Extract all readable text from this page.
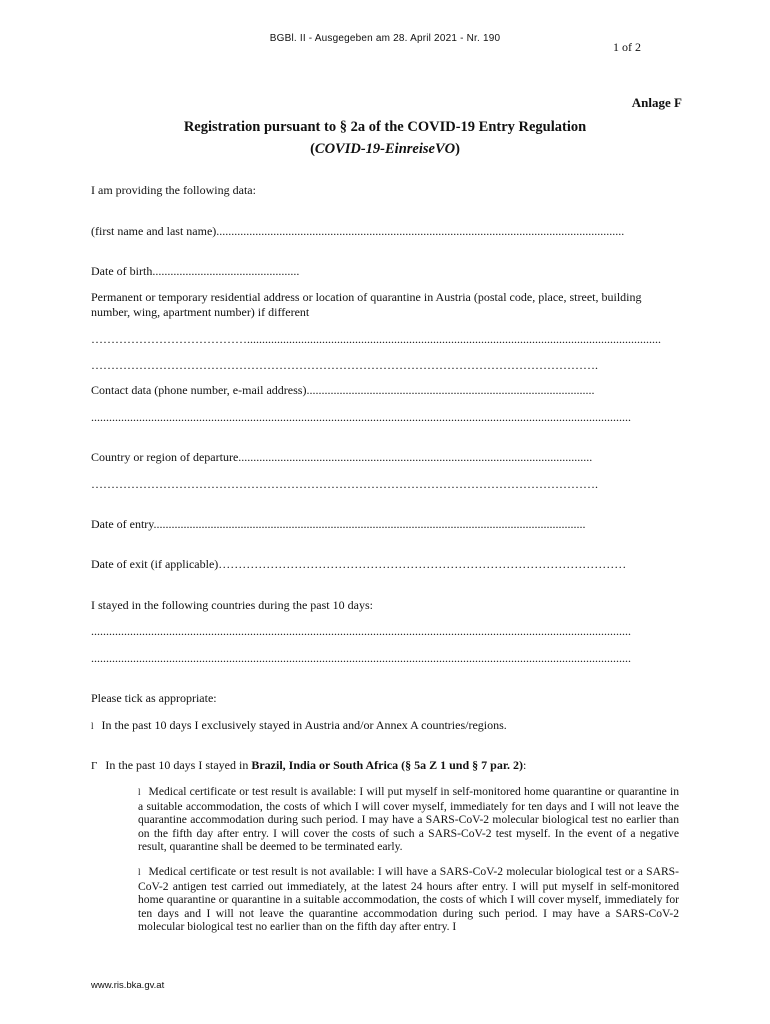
BGBl. II - Ausgegeben am 28. April 2021 - Nr. 190
1 of 2
Anlage F
Registration pursuant to § 2a of the COVID-19 Entry Regulation
(COVID-19-EinreiseVO)
I am providing the following data:
(first name and last name)........................................................................................................................................
Date of birth.................................................
Permanent or temporary residential address or location of quarantine in Austria (postal code, place, street, building number, wing, apartment number) if different
…………………………………..........................................................................................................................................
……………………………………………………………………………………………………………….
Contact data (phone number, e-mail address)................................................................................................
....................................................................................................................................................................................
Country or region of departure......................................................................................................................
……………………………………………………………………………………………………………….
Date of entry................................................................................................................................................
Date of exit (if applicable)…………………………………………………………………………………………
I stayed in the following countries during the past 10 days:
....................................................................................................................................................................................
....................................................................................................................................................................................
Please tick as appropriate:
l In the past 10 days I exclusively stayed in Austria and/or Annex A countries/regions.
Γ In the past 10 days I stayed in Brazil, India or South Africa (§ 5a Z 1 und § 7 par. 2):
l Medical certificate or test result is available: I will put myself in self-monitored home quarantine or quarantine in a suitable accommodation, the costs of which I will cover myself, immediately for ten days and I will not leave the quarantine accommodation during such period. I may have a SARS-CoV-2 molecular biological test no earlier than on the fifth day after entry. I will cover the costs of such a SARS-CoV-2 test myself. In the event of a negative result, quarantine shall be deemed to be terminated early.
l Medical certificate or test result is not available: I will have a SARS-CoV-2 molecular biological test or a SARS-CoV-2 antigen test carried out immediately, at the latest 24 hours after entry. I will put myself in self-monitored home quarantine or quarantine in a suitable accommodation, the costs of which I will cover myself, immediately for ten days and I will not leave the quarantine accommodation during such period. I may have a SARS-CoV-2 molecular biological test no earlier than on the fifth day after entry. I
www.ris.bka.gv.at
